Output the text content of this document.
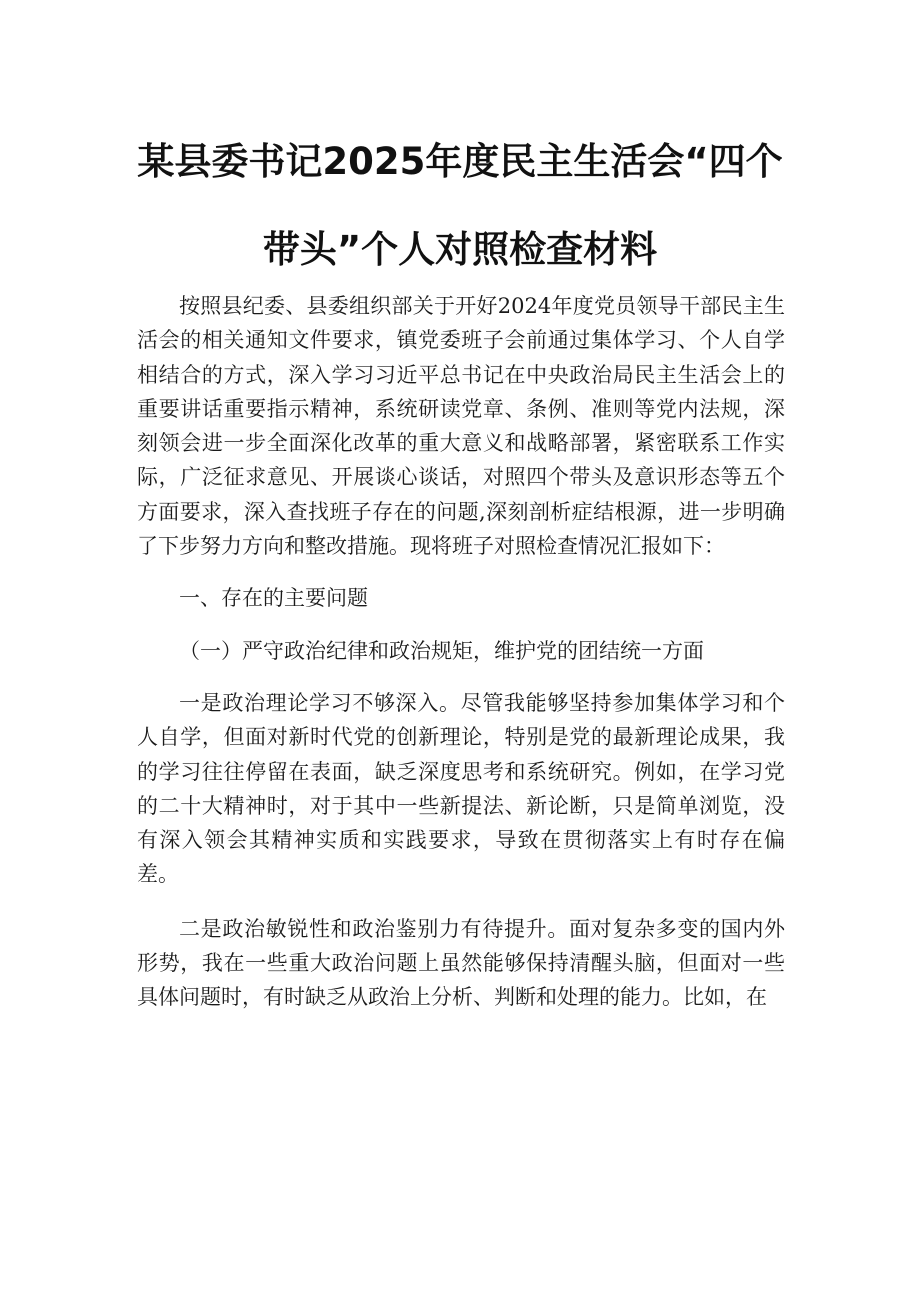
某县委书记2025年度民主生活会“四个
带头”个人对照检查材料

按照县纪委、县委组织部关于开好2024年度党员领导干部民主生活会的相关通知文件要求，镇党委班子会前通过集体学习、个人自学相结合的方式，深入学习习近平总书记在中央政治局民主生活会上的重要讲话重要指示精神，系统研读党章、条例、准则等党内法规，深刻领会进一步全面深化改革的重大意义和战略部署，紧密联系工作实际，广泛征求意见、开展谈心谈话，对照四个带头及意识形态等五个方面要求，深入查找班子存在的问题,深刻剖析症结根源，进一步明确了下步努力方向和整改措施。现将班子对照检查情况汇报如下：

一、存在的主要问题

（一）严守政治纪律和政治规矩，维护党的团结统一方面

一是政治理论学习不够深入。尽管我能够坚持参加集体学习和个人自学，但面对新时代党的创新理论，特别是党的最新理论成果，我的学习往往停留在表面，缺乏深度思考和系统研究。例如，在学习党的二十大精神时，对于其中一些新提法、新论断，只是简单浏览，没有深入领会其精神实质和实践要求，导致在贯彻落实上有时存在偏差。

二是政治敏锐性和政治鉴别力有待提升。面对复杂多变的国内外形势，我在一些重大政治问题上虽然能够保持清醒头脑，但面对一些具体问题时，有时缺乏从政治上分析、判断和处理的能力。比如，在
